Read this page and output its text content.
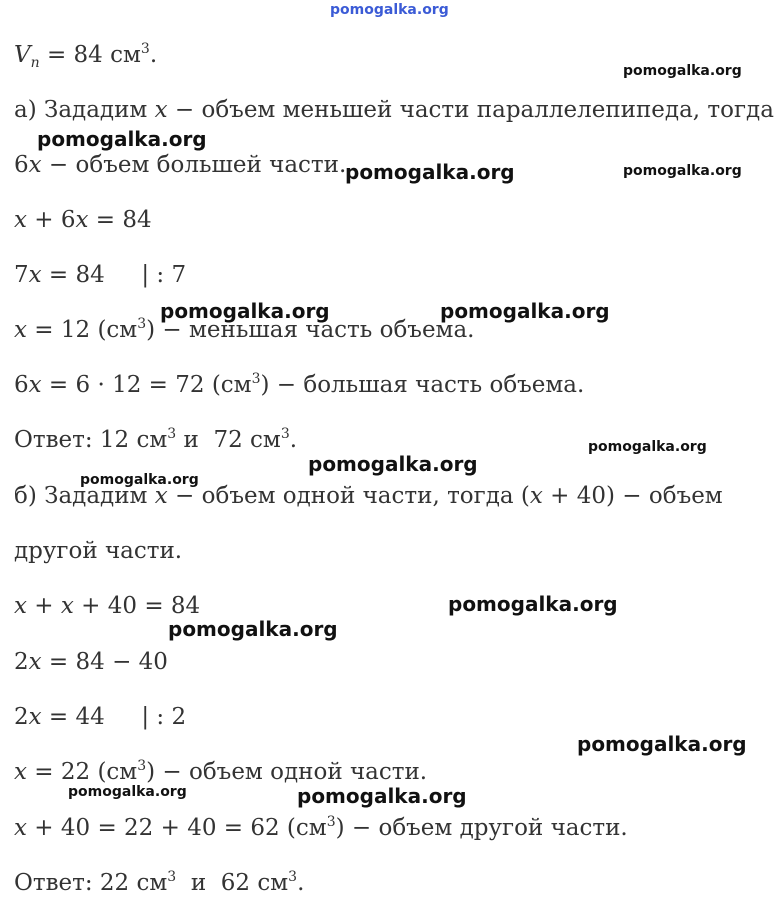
pomogalka.org
$V_n = 84$ $см^3$.
а) Зададим x − объем меньшей части параллелепипеда, тогда
6x − объем большей части.
x + 6x = 84
7x = 84     | : 7
x = 12 $(см^3)$ − меньшая часть объема.
6x = 6 · 12 = 72 $(см^3)$ − большая часть объема.
Ответ: 12 $см^3$ и  72 $см^3$.
б) Зададим x − объем одной части, тогда (x + 40) − объем
другой части.
x + x + 40 = 84
2x = 84 − 40
2x = 44     | : 2
x = 22 $(см^3)$ − объем одной части.
x + 40 = 22 + 40 = 62 $(см^3)$ − объем другой части.
Ответ: 22 $см^3$  и  62 $см^3$.
pomogalka.org
pomogalka.org
pomogalka.org	pomogalka.org
pomogalka.org	pomogalka.org
pomogalka.org
pomogalka.org
pomogalka.org
pomogalka.org
pomogalka.org
pomogalka.org
pomogalka.org	pomogalka.org
